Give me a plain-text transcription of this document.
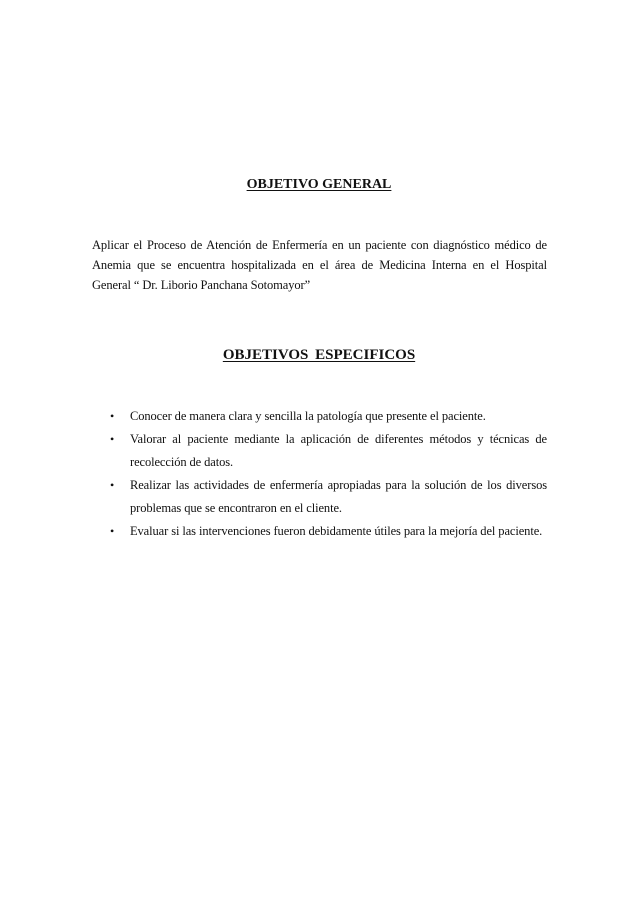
OBJETIVO GENERAL

Aplicar el Proceso de Atención de Enfermería en un paciente con diagnóstico médico de Anemia que se encuentra hospitalizada en el área de Medicina Interna en el Hospital General “ Dr. Liborio Panchana Sotomayor”

OBJETIVOS ESPECIFICOS
• Conocer de manera clara y sencilla la patología que presente el paciente.
• Valorar al paciente mediante la aplicación de diferentes métodos y técnicas de recolección de datos.
• Realizar las actividades de enfermería apropiadas para la solución de los diversos problemas que se encontraron en el cliente.
• Evaluar si las intervenciones fueron debidamente útiles para la mejoría del paciente.
